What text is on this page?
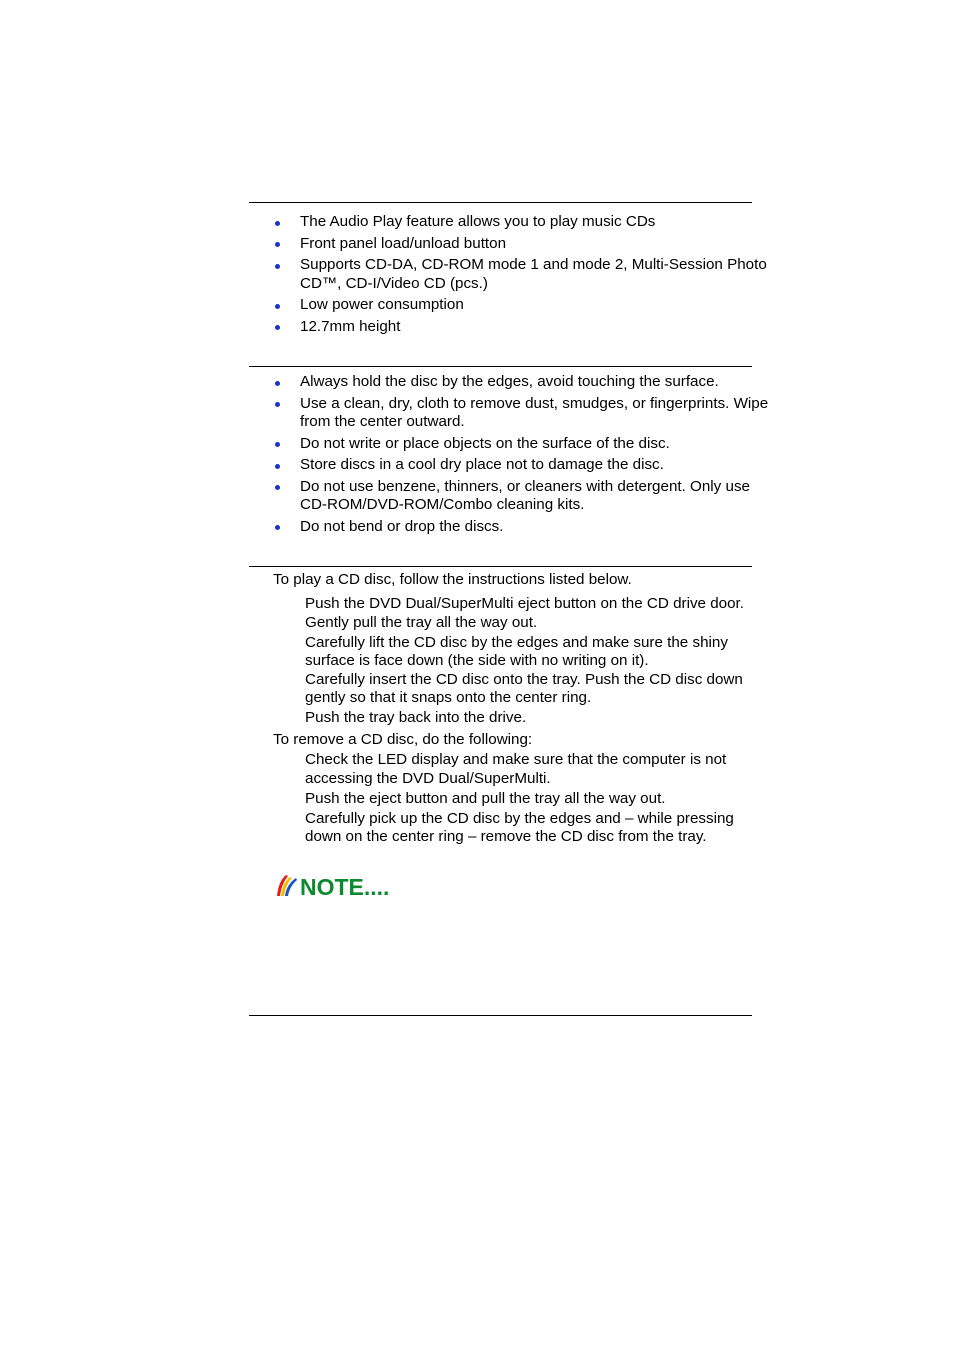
The Audio Play feature allows you to play music CDs
Front panel load/unload button
Supports CD-DA, CD-ROM mode 1 and mode 2, Multi-Session Photo CD™, CD-I/Video CD (pcs.)
Low power consumption
12.7mm height
Always hold the disc by the edges, avoid touching the surface.
Use a clean, dry, cloth to remove dust, smudges, or fingerprints. Wipe from the center outward.
Do not write or place objects on the surface of the disc.
Store discs in a cool dry place not to damage the disc.
Do not use benzene, thinners, or cleaners with detergent. Only use CD-ROM/DVD-ROM/Combo cleaning kits.
Do not bend or drop the discs.

To play a CD disc, follow the instructions listed below.

Push the DVD Dual/SuperMulti eject button on the CD drive door. Gently pull the tray all the way out.
Carefully lift the CD disc by the edges and make sure the shiny surface is face down (the side with no writing on it).
Carefully insert the CD disc onto the tray. Push the CD disc down gently so that it snaps onto the center ring.
Push the tray back into the drive.

To remove a CD disc, do the following:

Check the LED display and make sure that the computer is not accessing the DVD Dual/SuperMulti.
Push the eject button and pull the tray all the way out.
Carefully pick up the CD disc by the edges and – while pressing down on the center ring – remove the CD disc from the tray.
NOTE....
